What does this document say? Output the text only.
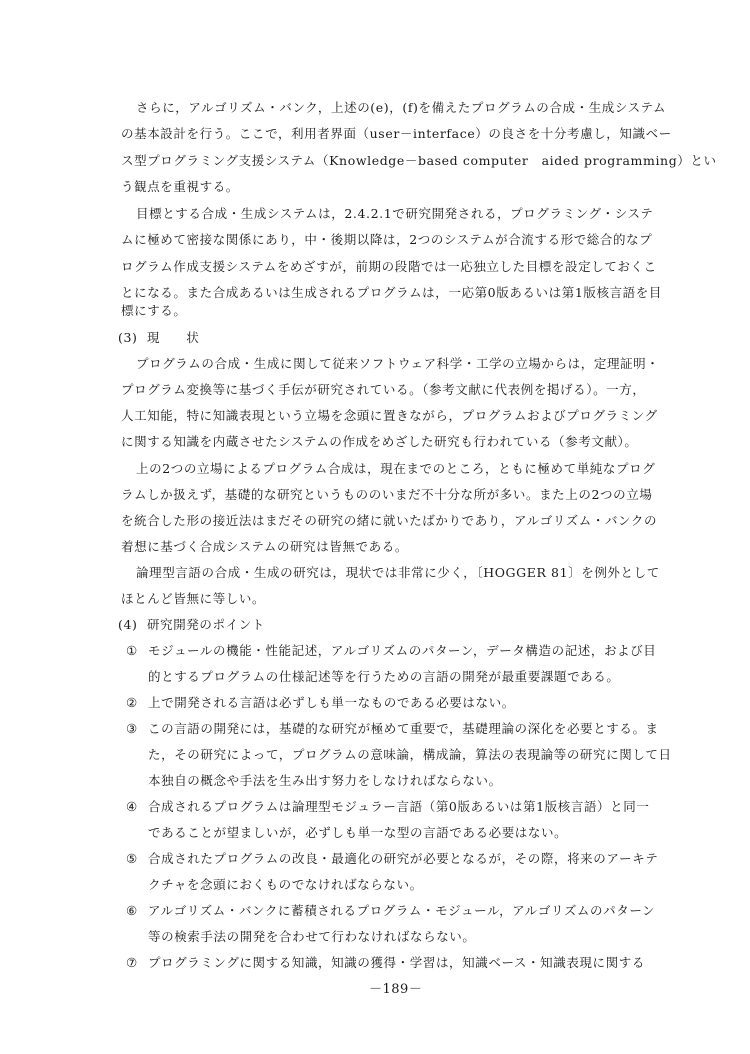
さらに，アルゴリズム・バンク，上述の(e)，(f)を備えたプログラムの合成・生成システム
の基本設計を行う。ここで，利用者界面（user－interface）の良さを十分考慮し，知識ベー
ス型プログラミング支援システム（Knowledge－based computer　aided programming）とい
う観点を重視する。
目標とする合成・生成システムは，2.4.2.1で研究開発される，プログラミング・システ
ムに極めて密接な関係にあり，中・後期以降は，2つのシステムが合流する形で総合的なプ
ログラム作成支援システムをめざすが，前期の段階では一応独立した目標を設定しておくこ
とになる。また合成あるいは生成されるプログラムは，一応第0版あるいは第1版核言語を目
標にする。
(3) 現　　状
プログラムの合成・生成に関して従来ソフトウェア科学・工学の立場からは，定理証明・
プログラム変換等に基づく手伝が研究されている。（参考文献に代表例を掲げる）。一方，
人工知能，特に知識表現という立場を念頭に置きながら，プログラムおよびプログラミング
に関する知識を内蔵させたシステムの作成をめざした研究も行われている（参考文献）。
上の2つの立場によるプログラム合成は，現在までのところ，ともに極めて単純なプログ
ラムしか扱えず，基礎的な研究というもののいまだ不十分な所が多い。また上の2つの立場
を統合した形の接近法はまだその研究の緒に就いたばかりであり，アルゴリズム・バンクの
着想に基づく合成システムの研究は皆無である。
論理型言語の合成・生成の研究は，現状では非常に少く，〔HOGGER 81〕を例外として
ほとんど皆無に等しい。
(4) 研究開発のポイント
① モジュールの機能・性能記述，アルゴリズムのパターン，データ構造の記述，および目
的とするプログラムの仕様記述等を行うための言語の開発が最重要課題である。
② 上で開発される言語は必ずしも単一なものである必要はない。
③ この言語の開発には，基礎的な研究が極めて重要で，基礎理論の深化を必要とする。ま
た，その研究によって，プログラムの意味論，構成論，算法の表現論等の研究に関して日
本独自の概念や手法を生み出す努力をしなければならない。
④ 合成されるプログラムは論理型モジュラー言語（第0版あるいは第1版核言語）と同一
であることが望ましいが，必ずしも単一な型の言語である必要はない。
⑤ 合成されたプログラムの改良・最適化の研究が必要となるが，その際，将来のアーキテ
クチャを念頭におくものでなければならない。
⑥ アルゴリズム・バンクに蓄積されるプログラム・モジュール，アルゴリズムのパターン
等の検索手法の開発を合わせて行わなければならない。
⑦ プログラミングに関する知識，知識の獲得・学習は，知識ベース・知識表現に関する
－189－
